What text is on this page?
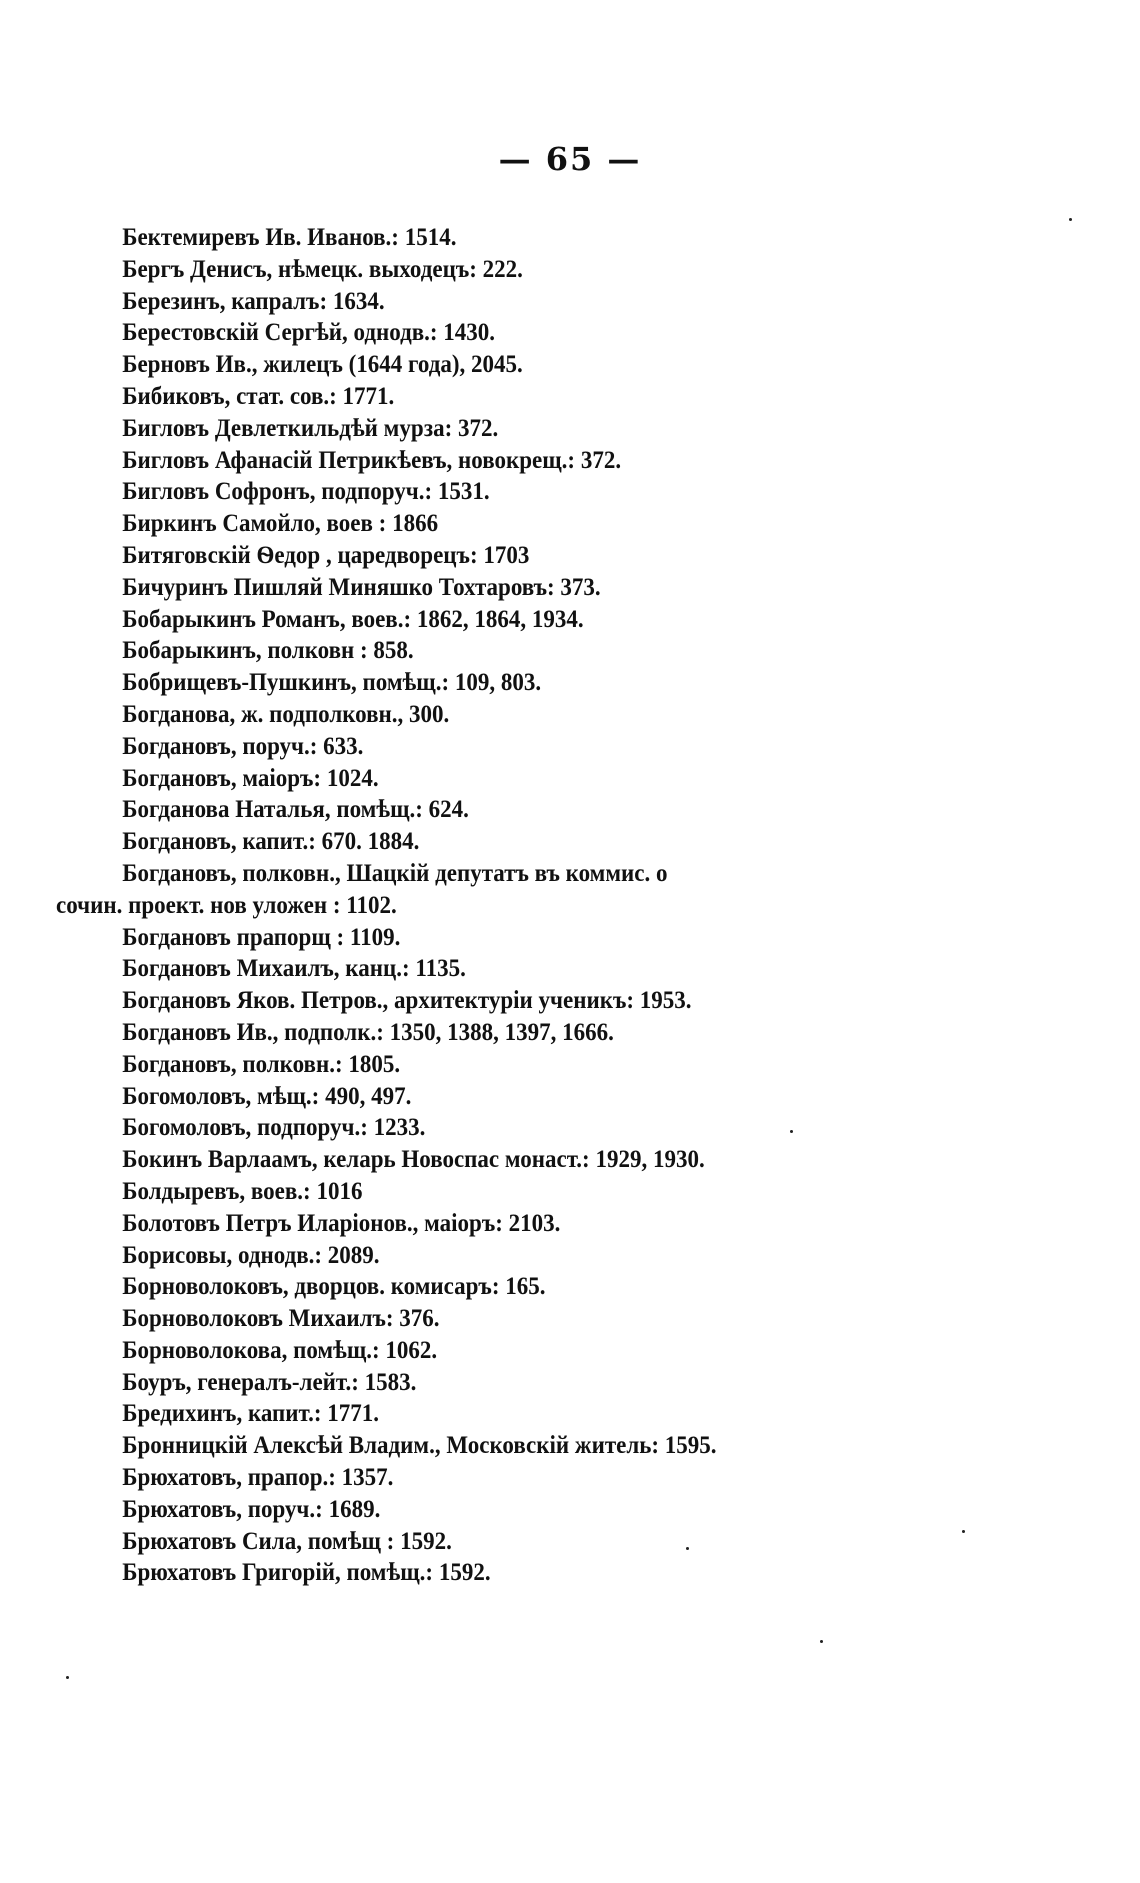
— 65 —
Бектемиревъ Ив. Иванов.: 1514.
Бергъ Денисъ, нѣмецк. выходецъ: 222.
Березинъ, капралъ: 1634.
Берестовскій Сергѣй, однодв.: 1430.
Берновъ Ив., жилецъ (1644 года), 2045.
Бибиковъ, стат. сов.: 1771.
Бигловъ Девлеткильдѣй мурза: 372.
Бигловъ Афанасій Петрикѣевъ, новокрещ.: 372.
Бигловъ Софронъ, подпоруч.: 1531.
Биркинъ Самойло, воев : 1866
Битяговскій Ѳедор , царедворецъ: 1703
Бичуринъ Пишляй Миняшко Тохтаровъ: 373.
Бобарыкинъ Романъ, воев.: 1862, 1864, 1934.
Бобарыкинъ, полковн : 858.
Бобрищевъ-Пушкинъ, помѣщ.: 109, 803.
Богданова, ж. подполковн., 300.
Богдановъ, поруч.: 633.
Богдановъ, маіоръ: 1024.
Богданова Наталья, помѣщ.: 624.
Богдановъ, капит.: 670. 1884.
Богдановъ, полковн., Шацкій депутатъ въ коммис. о
сочин. проект. нов уложен : 1102.
Богдановъ прапорщ : 1109.
Богдановъ Михаилъ, канц.: 1135.
Богдановъ Яков. Петров., архитектуріи ученикъ: 1953.
Богдановъ Ив., подполк.: 1350, 1388, 1397, 1666.
Богдановъ, полковн.: 1805.
Богомоловъ, мѣщ.: 490, 497.
Богомоловъ, подпоруч.: 1233.
Бокинъ Варлаамъ, келарь Новоспас монаст.: 1929, 1930.
Болдыревъ, воев.: 1016
Болотовъ Петръ Иларіонов., маіоръ: 2103.
Борисовы, однодв.: 2089.
Борноволоковъ, дворцов. комисаръ: 165.
Борноволоковъ Михаилъ: 376.
Борноволокова, помѣщ.: 1062.
Боуръ, генералъ-лейт.: 1583.
Бредихинъ, капит.: 1771.
Бронницкій Алексѣй Владим., Московскій житель: 1595.
Брюхатовъ, прапор.: 1357.
Брюхатовъ, поруч.: 1689.
Брюхатовъ Сила, помѣщ : 1592.
Брюхатовъ Григорій, помѣщ.: 1592.
